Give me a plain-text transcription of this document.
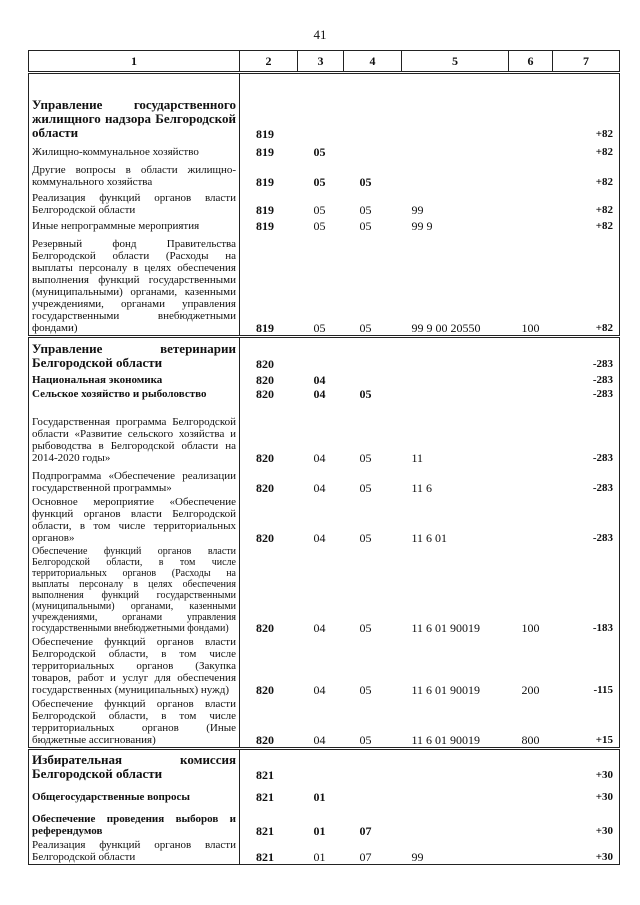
41
1	2	3	4	5	6	7
Управление государственного жилищного надзора Белгородской области	819					+82
Жилищно-коммунальное хозяйство	819	05				+82
Другие вопросы в области жилищно-коммунального хозяйства	819	05	05			+82
Реализация функций органов власти Белгородской области	819	05	05	99		+82
Иные непрограммные мероприятия	819	05	05	99 9		+82
Резервный фонд Правительства Белгородской области (Расходы на выплаты персоналу в целях обеспечения выполнения функций государственными (муниципальными) органами, казенными учреждениями, органами управления государственными внебюджетными фондами)	819	05	05	99 9 00 20550	100	+82
Управление ветеринарии Белгородской области	820					-283
Национальная экономика	820	04				-283
Сельское хозяйство и рыболовство	820	04	05			-283
Государственная программа Белгородской области «Развитие сельского хозяйства и рыбоводства в Белгородской области на 2014-2020 годы»	820	04	05	11		-283
Подпрограмма «Обеспечение реализации государственной программы»	820	04	05	11 6		-283
Основное мероприятие «Обеспечение функций органов власти Белгородской области, в том числе территориальных органов»	820	04	05	11 6 01		-283
Обеспечение функций органов власти Белгородской области, в том числе территориальных органов (Расходы на выплаты персоналу в целях обеспечения выполнения функций государственными (муниципальными) органами, казенными учреждениями, органами управления государственными внебюджетными фондами)	820	04	05	11 6 01 90019	100	-183
Обеспечение функций органов власти Белгородской области, в том числе территориальных органов (Закупка товаров, работ и услуг для обеспечения государственных (муниципальных) нужд)	820	04	05	11 6 01 90019	200	-115
Обеспечение функций органов власти Белгородской области, в том числе территориальных органов (Иные бюджетные ассигнования)	820	04	05	11 6 01 90019	800	+15
Избирательная комиссия Белгородской области	821					+30
Общегосударственные вопросы	821	01				+30
Обеспечение проведения выборов и референдумов	821	01	07			+30
Реализация функций органов власти Белгородской области	821	01	07	99		+30
